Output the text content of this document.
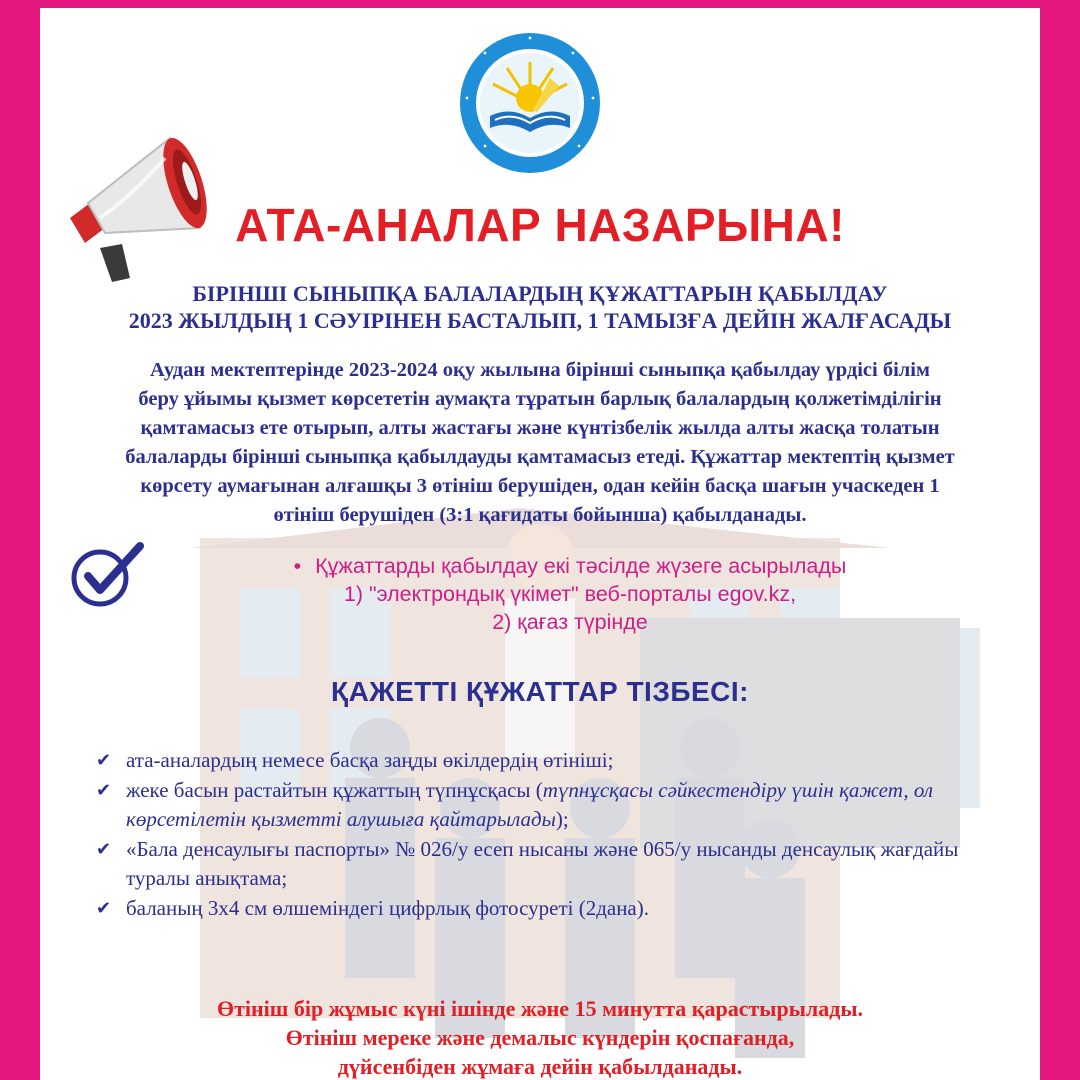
АТА-АНАЛАР НАЗАРЫНА!
БІРІНШІ СЫНЫПҚА БАЛАЛАРДЫҢ ҚҰЖАТТАРЫН ҚАБЫЛДАУ
2023 ЖЫЛДЫҢ 1 СӘУІРІНЕН БАСТАЛЫП, 1 ТАМЫЗҒА ДЕЙІН ЖАЛҒАСАДЫ
Аудан мектептерінде 2023-2024 оқу жылына бірінші сыныпқа қабылдау үрдісі білім
беру ұйымы қызмет көрсететін аумақта тұратын барлық балалардың қолжетімділігін
қамтамасыз ете отырып, алты жастағы және күнтізбелік жылда алты жасқа толатын
балаларды бірінші сыныпқа қабылдауды қамтамасыз етеді. Құжаттар мектептің қызмет
көрсету аумағынан алғашқы 3 өтініш берушіден, одан кейін басқа шағын учаскеден 1
өтініш берушіден (3:1 қағидаты бойынша) қабылданады.
• Құжаттарды қабылдау екі тәсілде жүзеге асырылады
1) "электрондық үкімет" веб-порталы egov.kz,
2) қағаз түрінде
ҚАЖЕТТІ ҚҰЖАТТАР ТІЗБЕСІ:
✔ ата-аналардың немесе басқа заңды өкілдердің өтініші;
✔ жеке басын растайтын құжаттың түпнұсқасы (түпнұсқасы сәйкестендіру үшін қажет, ол көрсетілетін қызметті алушыға қайтарылады);
✔ «Бала денсаулығы паспорты» № 026/у есеп нысаны және 065/у нысанды денсаулық жағдайы туралы анықтама;
✔ баланың 3х4 см өлшеміндегі цифрлық фотосуреті (2дана).
Өтініш бір жұмыс күні ішінде және 15 минутта қарастырылады.
Өтініш мереке және демалыс күндерін қоспағанда,
дүйсенбіден жұмаға дейін қабылданады.
